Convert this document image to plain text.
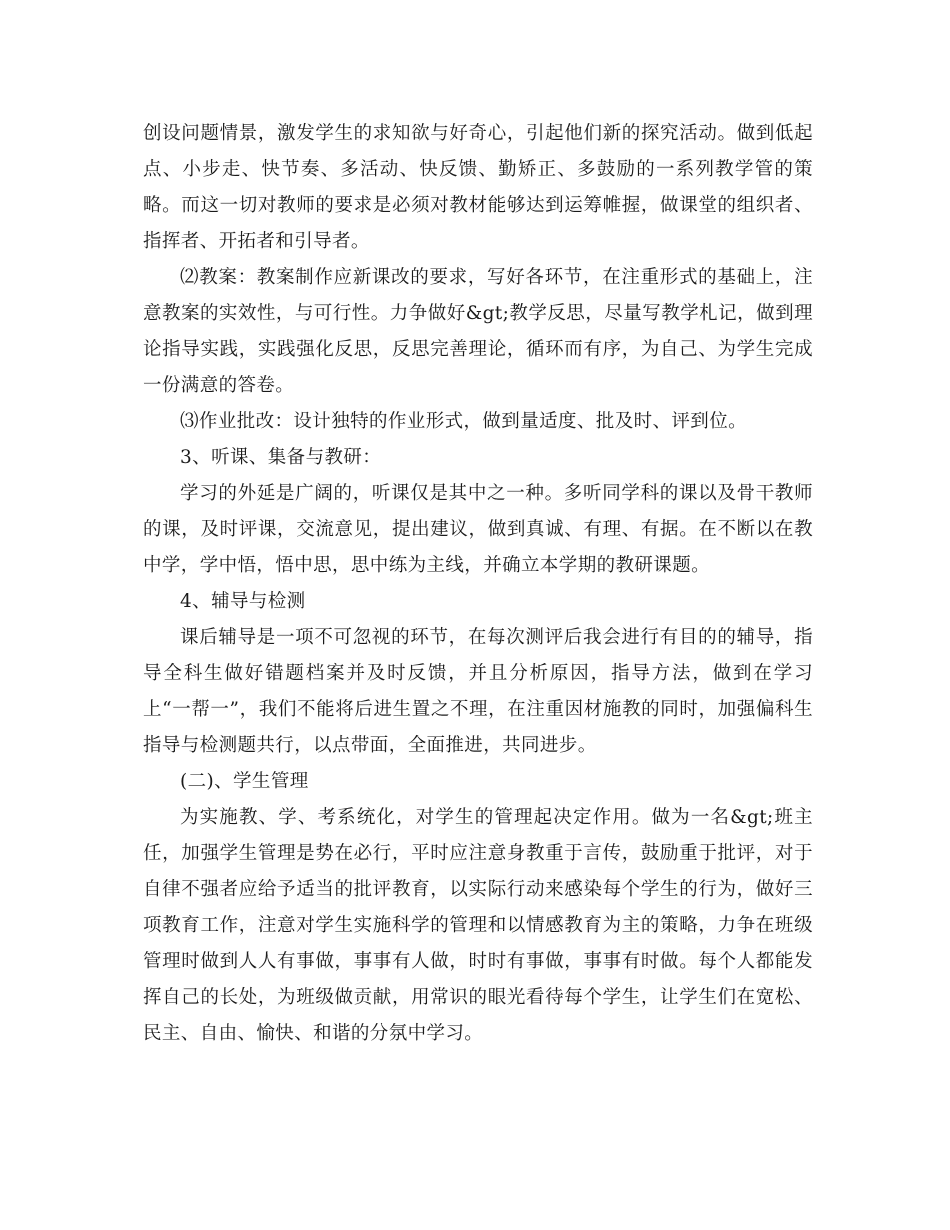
创设问题情景，激发学生的求知欲与好奇心，引起他们新的探究活动。做到低起点、小步走、快节奏、多活动、快反馈、勤矫正、多鼓励的一系列教学管的策略。而这一切对教师的要求是必须对教材能够达到运筹帷握，做课堂的组织者、指挥者、开拓者和引导者。

⑵教案：教案制作应新课改的要求，写好各环节，在注重形式的基础上，注意教案的实效性，与可行性。力争做好&gt;教学反思，尽量写教学札记，做到理论指导实践，实践强化反思，反思完善理论，循环而有序，为自己、为学生完成一份满意的答卷。

⑶作业批改：设计独特的作业形式，做到量适度、批及时、评到位。

3、听课、集备与教研：

学习的外延是广阔的，听课仅是其中之一种。多听同学科的课以及骨干教师的课，及时评课，交流意见，提出建议，做到真诚、有理、有据。在不断以在教中学，学中悟，悟中思，思中练为主线，并确立本学期的教研课题。

4、辅导与检测

课后辅导是一项不可忽视的环节，在每次测评后我会进行有目的的辅导，指导全科生做好错题档案并及时反馈，并且分析原因，指导方法，做到在学习上“一帮一”，我们不能将后进生置之不理，在注重因材施教的同时，加强偏科生指导与检测题共行，以点带面，全面推进，共同进步。

(二)、学生管理

为实施教、学、考系统化，对学生的管理起决定作用。做为一名&gt;班主任，加强学生管理是势在必行，平时应注意身教重于言传，鼓励重于批评，对于自律不强者应给予适当的批评教育，以实际行动来感染每个学生的行为，做好三项教育工作，注意对学生实施科学的管理和以情感教育为主的策略，力争在班级管理时做到人人有事做，事事有人做，时时有事做，事事有时做。每个人都能发挥自己的长处，为班级做贡献，用常识的眼光看待每个学生，让学生们在宽松、民主、自由、愉快、和谐的分氛中学习。
